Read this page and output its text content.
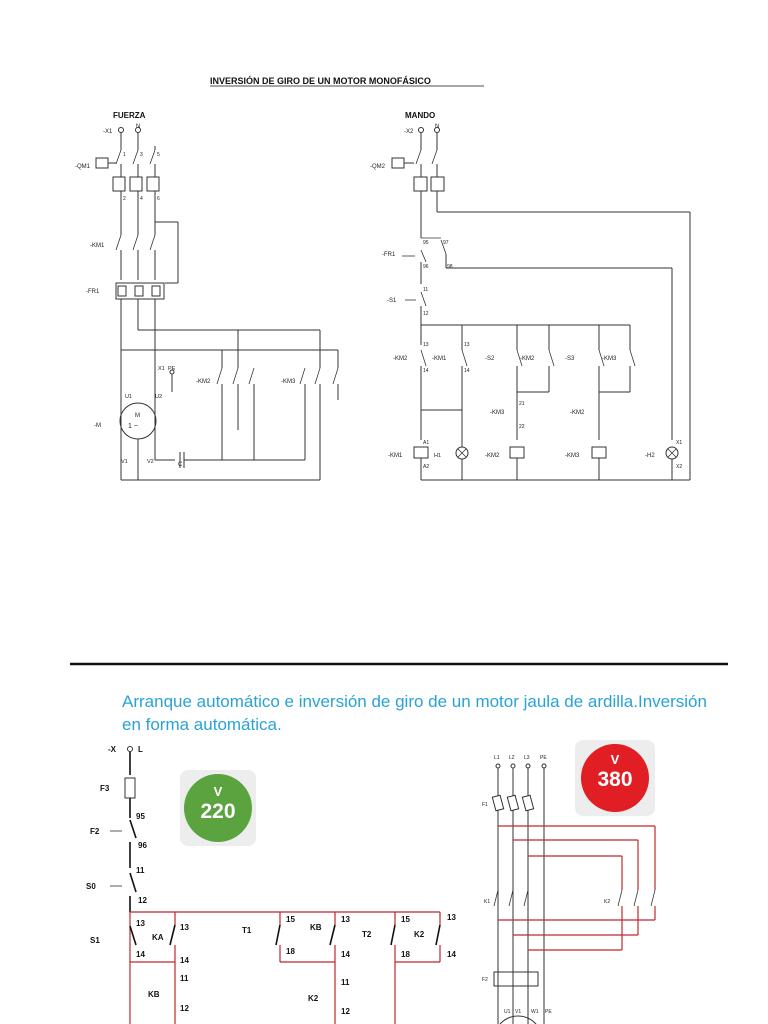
INVERSIÓN DE GIRO DE UN MOTOR MONOFÁSICO
FUERZA
-X1
N
-QM1
1	3	5
2	4	6
-KM1
-FR1
X1 PE
-KM2	-KM3
-M
M
1 ~
U1	U2
V1	V2	C
MANDO
-X2
N
-QM2
-FR1
95	97
96	98
-S1
11
12
-KM2
13
14
13
14
-KM1	-S2	-KM2
-KM3
21
22
-S3	-KM3
-KM2
-KM1
A1
A2
H1	-KM2	-KM3	-H2
X1
X2
-X	L
F3
95
F2
96
11
S0
12
13
S1
14
KA
13
14
11
KB
12
T1
15
18
KB
13
14
11
K2
12
T2
15
18
K2
13
14
V
220
V
380
L1 L2 L3 PE
F1
K1	K2
F2
U1 V1 W1 PE
Arranque automático e inversión de giro de un motor jaula de ardilla.Inversión en forma automática.
